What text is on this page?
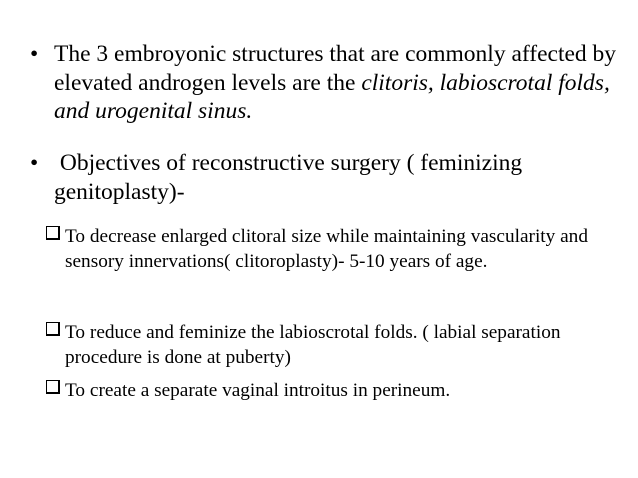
• The 3 embroyonic structures that are commonly affected by elevated androgen levels are the clitoris, labioscrotal folds, and urogenital sinus.
• Objectives of reconstructive surgery ( feminizing genitoplasty)-
To decrease enlarged clitoral size while maintaining vascularity and sensory innervations( clitoroplasty)- 5-10 years of age.
To reduce and feminize the labioscrotal folds. ( labial separation procedure is done at puberty)
To create a separate vaginal introitus in perineum.
